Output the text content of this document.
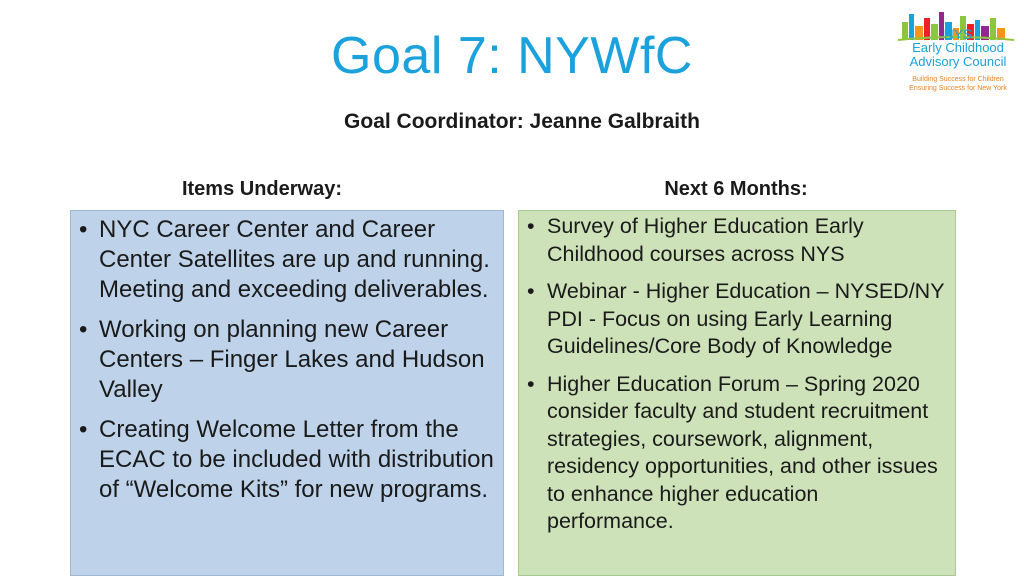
Goal 7: NYWfC
Goal Coordinator: Jeanne Galbraith
NYS
Early Childhood
Advisory Council
Building Success for Children
Ensuring Success for New York
Items Underway:	Next 6 Months:
• NYC Career Center and Career Center Satellites are up and running. Meeting and exceeding deliverables.
• Working on planning new Career Centers – Finger Lakes and Hudson Valley
• Creating Welcome Letter from the ECAC to be included with distribution of “Welcome Kits” for new programs.
• Survey of Higher Education Early Childhood courses across NYS
• Webinar - Higher Education – NYSED/NY PDI - Focus on using Early Learning Guidelines/Core Body of Knowledge
• Higher Education Forum – Spring 2020 consider faculty and student recruitment strategies, coursework, alignment, residency opportunities, and other issues to enhance higher education performance.
